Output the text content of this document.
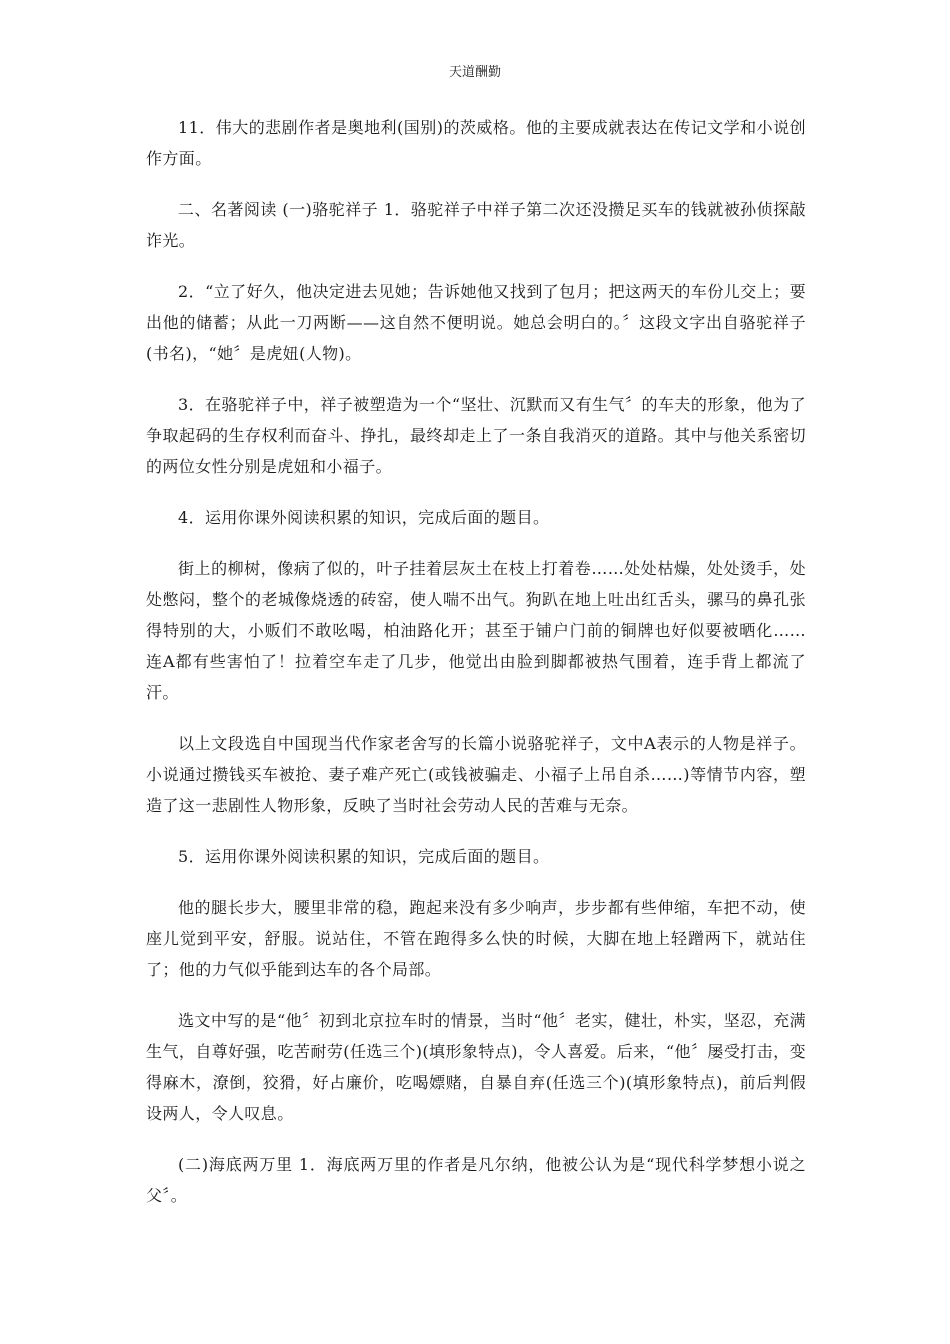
天道酬勤

11．伟大的悲剧作者是奥地利(国别)的茨威格。他的主要成就表达在传记文学和小说创作方面。

二、名著阅读 (一)骆驼祥子 1．骆驼祥子中祥子第二次还没攒足买车的钱就被孙侦探敲诈光。

2．“立了好久，他决定进去见她；告诉她他又找到了包月；把这两天的车份儿交上；要出他的储蓄；从此一刀两断——这自然不便明说。她总会明白的。〞这段文字出自骆驼祥子(书名)，“她〞是虎妞(人物)。

3．在骆驼祥子中，祥子被塑造为一个“坚壮、沉默而又有生气〞的车夫的形象，他为了争取起码的生存权利而奋斗、挣扎，最终却走上了一条自我消灭的道路。其中与他关系密切的两位女性分别是虎妞和小福子。

4．运用你课外阅读积累的知识，完成后面的题目。

街上的柳树，像病了似的，叶子挂着层灰土在枝上打着卷……处处枯燥，处处烫手，处处憋闷，整个的老城像烧透的砖窑，使人喘不出气。狗趴在地上吐出红舌头，骡马的鼻孔张得特别的大，小贩们不敢吆喝，柏油路化开；甚至于铺户门前的铜牌也好似要被晒化…… 连A都有些害怕了！拉着空车走了几步，他觉出由脸到脚都被热气围着，连手背上都流了汗。

以上文段选自中国现当代作家老舍写的长篇小说骆驼祥子，文中A表示的人物是祥子。小说通过攒钱买车被抢、妻子难产死亡(或钱被骗走、小福子上吊自杀……)等情节内容，塑造了这一悲剧性人物形象，反映了当时社会劳动人民的苦难与无奈。

5．运用你课外阅读积累的知识，完成后面的题目。

他的腿长步大，腰里非常的稳，跑起来没有多少响声，步步都有些伸缩，车把不动，使座儿觉到平安，舒服。说站住，不管在跑得多么快的时候，大脚在地上轻蹭两下，就站住了；他的力气似乎能到达车的各个局部。

选文中写的是“他〞初到北京拉车时的情景，当时“他〞老实，健壮，朴实，坚忍，充满生气，自尊好强，吃苦耐劳(任选三个)(填形象特点)，令人喜爱。后来，“他〞屡受打击，变得麻木，潦倒，狡猾，好占廉价，吃喝嫖赌，自暴自弃(任选三个)(填形象特点)，前后判假设两人，令人叹息。

(二)海底两万里 1．海底两万里的作者是凡尔纳，他被公认为是“现代科学梦想小说之父〞。
